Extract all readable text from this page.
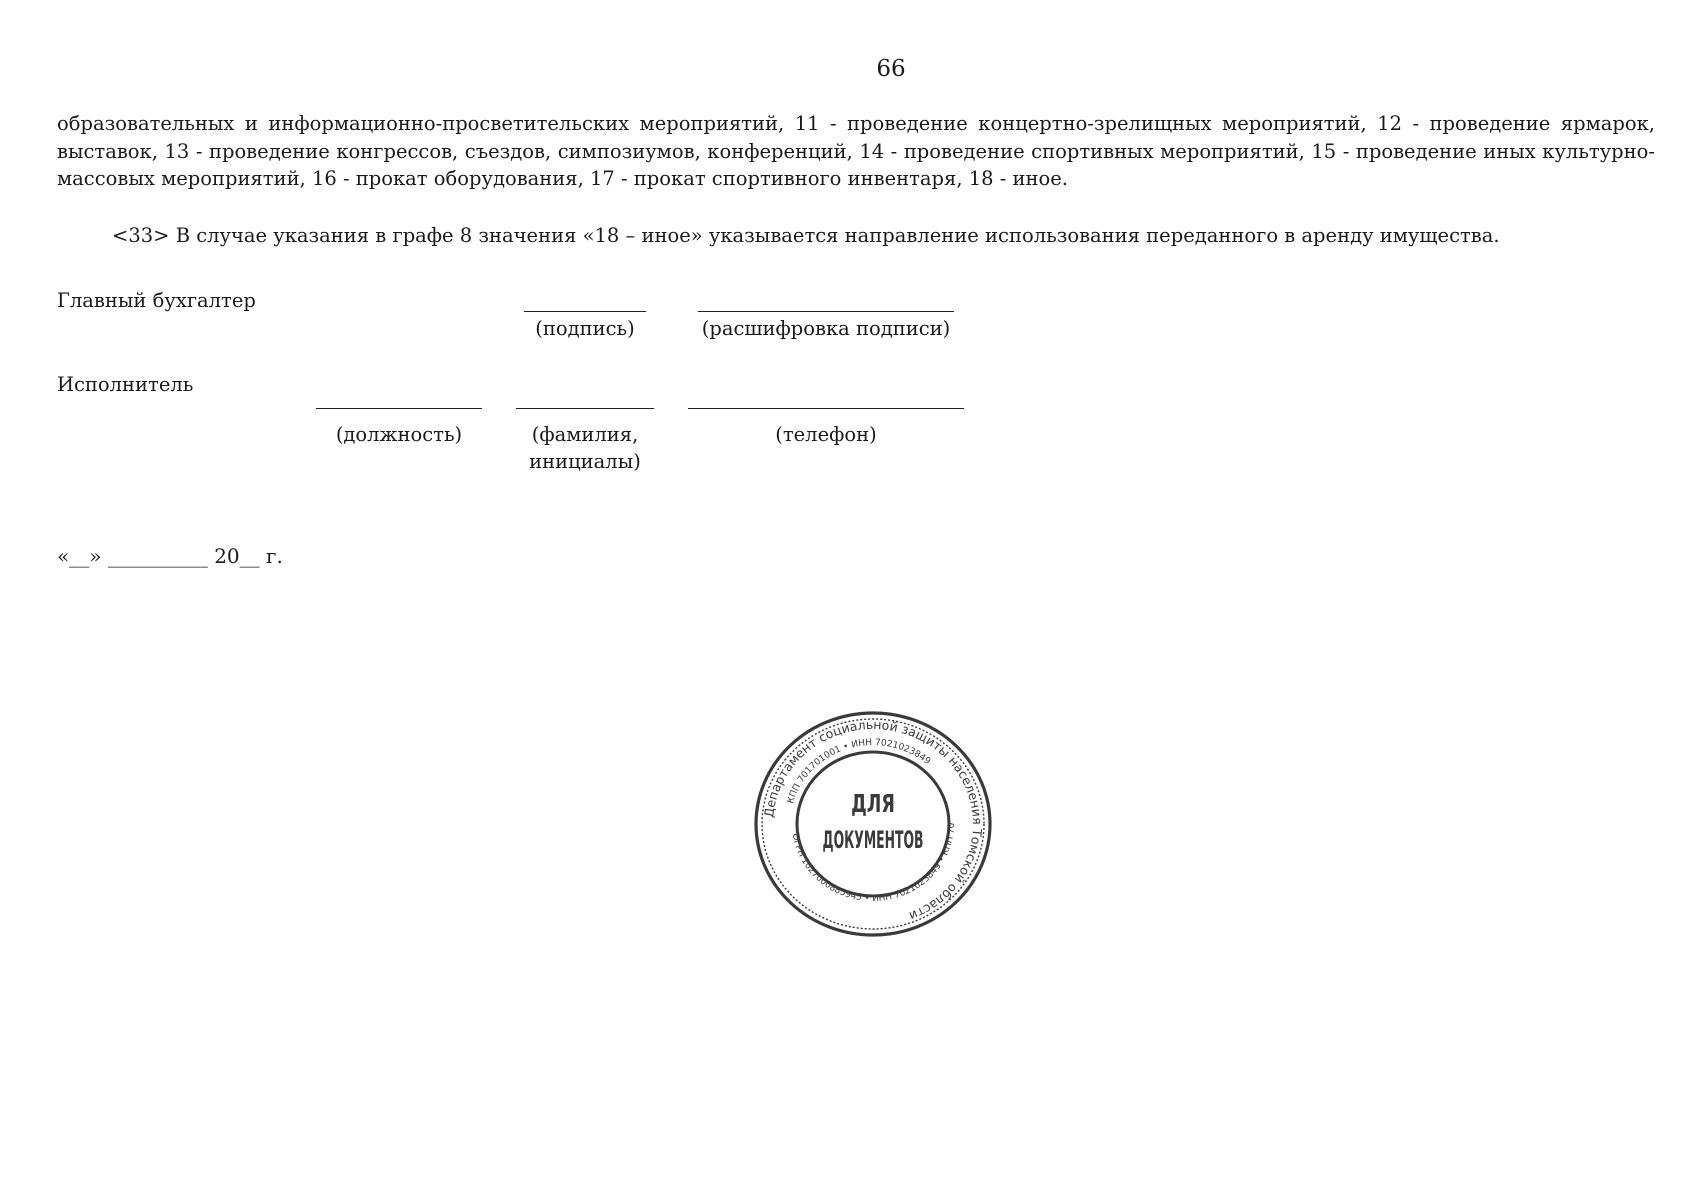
66
образовательных и информационно-просветительских мероприятий, 11 - проведение концертно-зрелищных мероприятий, 12 - проведение ярмарок, выставок, 13 - проведение конгрессов, съездов, симпозиумов, конференций, 14 - проведение спортивных мероприятий, 15 - проведение иных культурно-массовых мероприятий, 16 - прокат оборудования, 17 - прокат спортивного инвентаря, 18 - иное.
<33> В случае указания в графе 8 значения «18 – иное» указывается направление использования переданного в аренду имущества.
Главный бухгалтер
(подпись)	(расшифровка подписи)
Исполнитель
(должность)	(фамилия, инициалы)
(телефон)
«__» __________ 20__ г.
Департамент социальной защиты населения Томской области
КПП 701701001 • ИНН 7021023849
ОГРН 1027000885945 • ИНН 7021023849 • КПП 70
ДЛЯ
ДОКУМЕНТОВ
